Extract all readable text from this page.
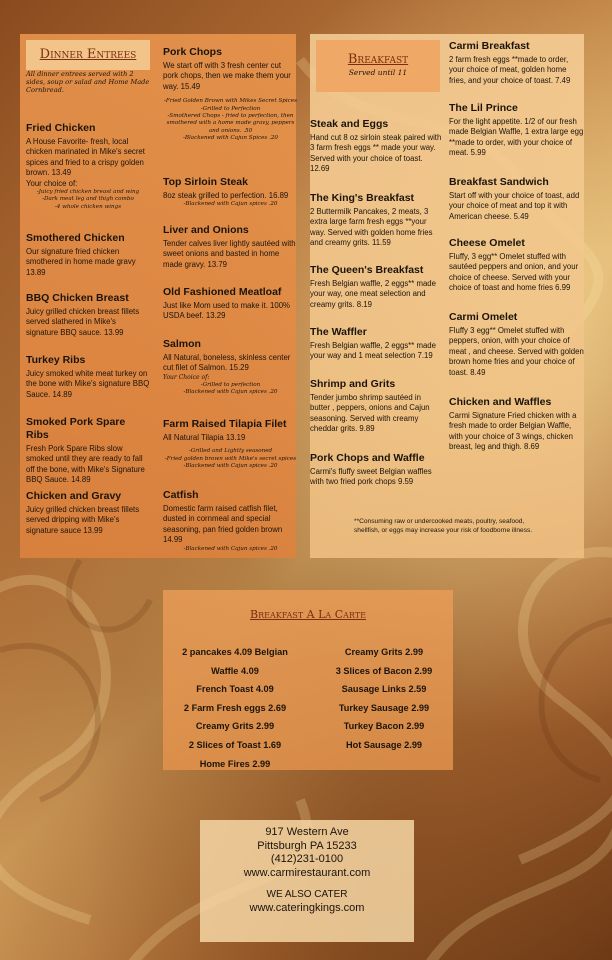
Dinner Entrees

All dinner entrees served with 2 sides, soup or salad and Home Made Cornbread.

Fried Chicken

A House Favorite- fresh, local chicken marinated in Mike's secret spices and fried to a crispy golden brown. 13.49

Your choice of:

-Juicy fried chicken breast and wing

-Dark meat leg and thigh combo

-4 whole chicken wings

Smothered Chicken

Our signature fried chicken smothered in home made gravy 13.89

BBQ Chicken Breast

Juicy grilled chicken breast fillets served slathered in Mike's signature BBQ sauce. 13.99

Turkey Ribs

Juicy smoked white meat turkey on the bone with Mike's signature BBQ Sauce. 14.89

Smoked Pork Spare Ribs

Fresh Pork Spare Ribs slow smoked until they are ready to fall off the bone, with Mike's Signature BBQ Sauce. 14.89

Chicken and Gravy

Juicy grilled chicken breast fillets served dripping with Mike's signature sauce 13.99

Pork Chops

We start off with 3 fresh center cut pork chops, then we make them your way. 15.49

-Fried Golden Brown with Mikes Secret Spices

-Grilled to Perfection

-Smothered Chops - fried to perfection, then smothered with a home made gravy, peppers and onions. .50

-Blackened with Cajun Spices .20

Top Sirloin Steak

8oz steak grilled to perfection. 16.89

-Blackened with Cajun spices .20

Liver and Onions

Tender calves liver lightly sautéed with sweet onions and basted in home made gravy. 13.79

Old Fashioned Meatloaf

Just like Mom used to make it. 100% USDA beef. 13.29

Salmon

All Natural, boneless, skinless center cut filet of Salmon. 15.29

Your Choice of:

-Grilled to perfection

-Blackened with Cajun spices .20

Farm Raised Tilapia Filet

All Natural Tilapia 13.19

-Grilled and Lightly seasoned

-Fried golden brown with Mike's secret spices

-Blackened with Cajun spices .20

Catfish

Domestic farm raised catfish filet, dusted in cornmeal and special seasoning, pan fried golden brown 14.99

-Blackened with Cajun spices .20

Breakfast
Served until 11

Steak and Eggs

Hand cut 8 oz sirloin steak paired with 3 farm fresh eggs ** made your way. Served with your choice of toast. 12.69

The King's Breakfast

2 Buttermilk Pancakes, 2 meats, 3 extra large farm fresh eggs **your way. Served with golden home fries and creamy grits. 11.59

The Queen's Breakfast

Fresh Belgian waffle, 2 eggs** made your way, one meat selection and creamy grits. 8.19

The Waffler

Fresh Belgian waffle, 2 eggs** made your way and 1 meat selection 7.19

Shrimp and Grits

Tender jumbo shrimp sautéed in butter , peppers, onions and Cajun seasoning. Served with creamy cheddar grits. 9.89

Pork Chops and Waffle

Carmi's fluffy sweet Belgian waffles with two fried pork chops 9.59

Carmi Breakfast

2 farm fresh eggs **made to order, your choice of meat, golden home fries, and your choice of toast. 7.49

The Lil Prince

For the light appetite. 1/2 of our fresh made Belgian Waffle, 1 extra large egg **made to order, with your choice of meat. 5.99

Breakfast Sandwich

Start off with your choice of toast, add your choice of meat and top it with American cheese. 5.49

Cheese Omelet

Fluffy, 3 egg** Omelet stuffed with sautéed peppers and onion, and your choice of cheese. Served with your choice of toast and home fries 6.99

Carmi Omelet

Fluffy 3 egg** Omelet stuffed with peppers, onion, with your choice of meat , and cheese. Served with golden brown home fries and your choice of toast. 8.49

Chicken and Waffles

Carmi Signature Fried chicken with a fresh made to order Belgian Waffle, with your choice of 3 wings, chicken breast, leg and thigh. 8.69

**Consuming raw or undercooked meats, poultry, seafood, shellfish, or eggs may increase your risk of foodborne illness.

Breakfast A La Carte

2 pancakes 4.09 Belgian

Waffle 4.09

French Toast 4.09

2 Farm Fresh eggs 2.69

Creamy Grits 2.99

2 Slices of Toast 1.69

Home Fires 2.99

Creamy Grits 2.99

3 Slices of Bacon 2.99

Sausage Links 2.59

Turkey Sausage 2.99

Turkey Bacon 2.99

Hot Sausage 2.99

917 Western Ave

Pittsburgh PA 15233

(412)231-0100

www.carmirestaurant.com

WE ALSO CATER

www.cateringkings.com
